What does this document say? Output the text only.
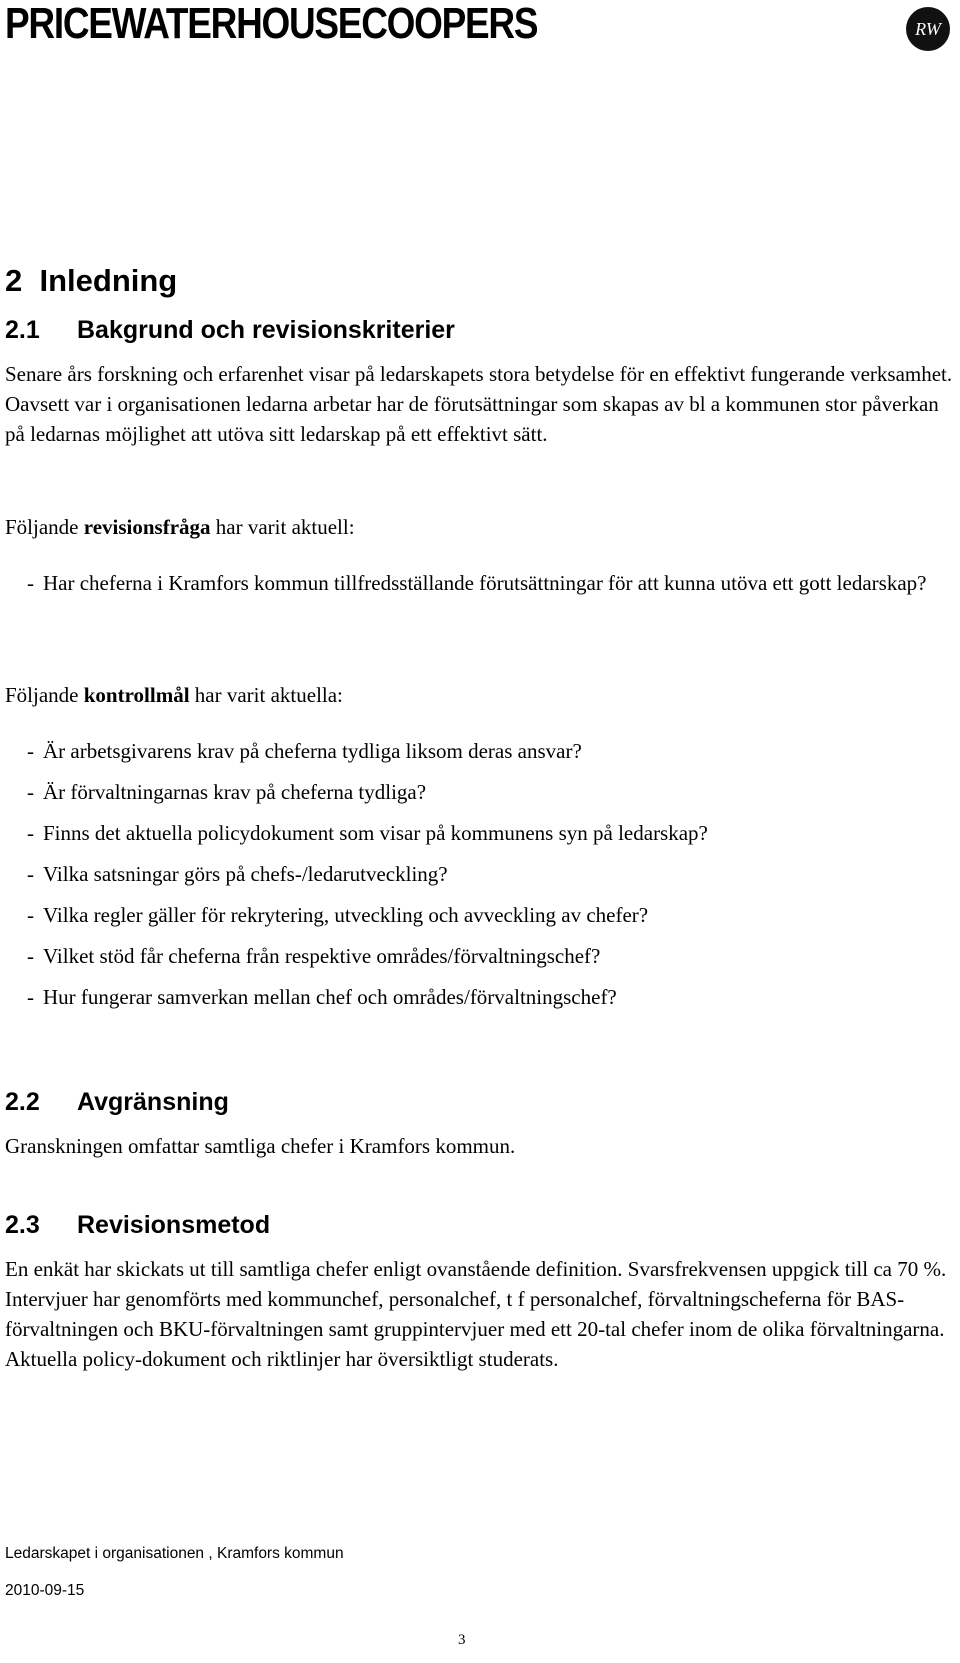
PRICEWATERHOUSECOOPERS	RW
2 Inledning
2.1 Bakgrund och revisionskriterier

Senare års forskning och erfarenhet visar på ledarskapets stora betydelse för en effektivt fungerande verksamhet. Oavsett var i organisationen ledarna arbetar har de förutsättningar som skapas av bl a kommunen stor påverkan på ledarnas möjlighet att utöva sitt ledarskap på ett effektivt sätt.

Följande revisionsfråga har varit aktuell:

- Har cheferna i Kramfors kommun tillfredsställande förutsättningar för att kunna utöva ett gott ledarskap?

Följande kontrollmål har varit aktuella:

- Är arbetsgivarens krav på cheferna tydliga liksom deras ansvar?
- Är förvaltningarnas krav på cheferna tydliga?
- Finns det aktuella policydokument som visar på kommunens syn på ledarskap?
- Vilka satsningar görs på chefs-/ledarutveckling?
- Vilka regler gäller för rekrytering, utveckling och avveckling av chefer?
- Vilket stöd får cheferna från respektive områdes/förvaltningschef?
- Hur fungerar samverkan mellan chef och områdes/förvaltningschef?
2.2 Avgränsning

Granskningen omfattar samtliga chefer i Kramfors kommun.

2.3 Revisionsmetod

En enkät har skickats ut till samtliga chefer enligt ovanstående definition. Svarsfrekvensen uppgick till ca 70 %. Intervjuer har genomförts med kommunchef, personalchef, t f personalchef, förvaltningscheferna för BAS-förvaltningen och BKU-förvaltningen samt gruppintervjuer med ett 20-tal chefer inom de olika förvaltningarna. Aktuella policy-dokument och riktlinjer har översiktligt studerats.

Ledarskapet i organisationen , Kramfors kommun
2010-09-15
3
